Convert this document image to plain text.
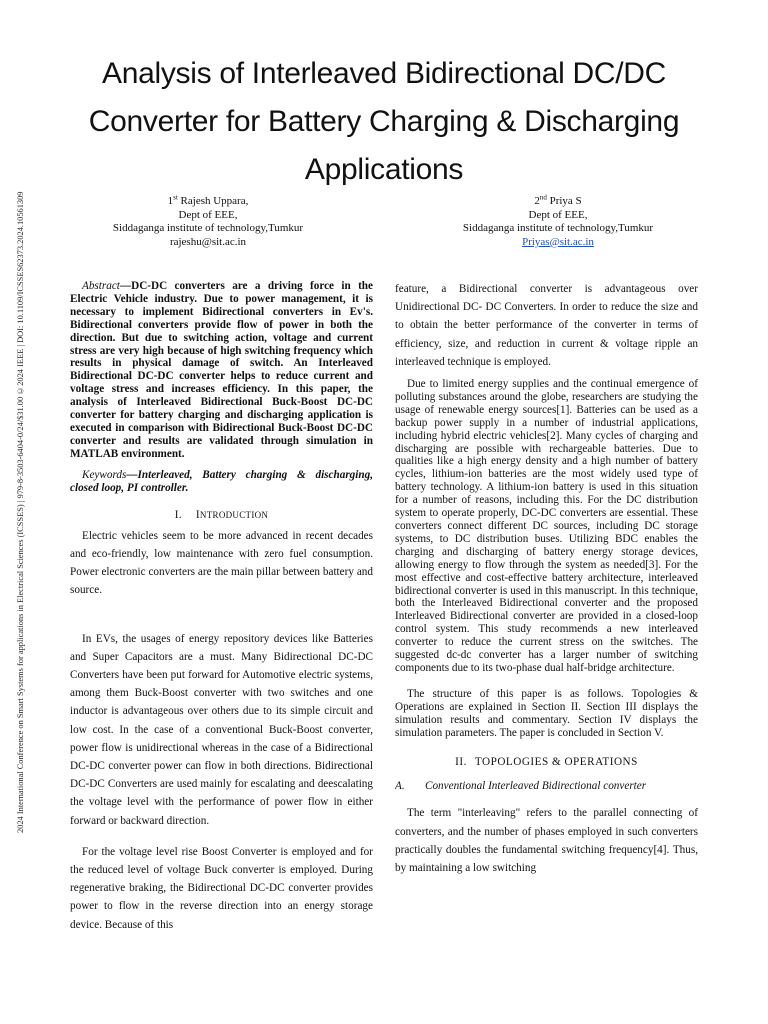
2024 International Conference on Smart Systems for applications in Electrical Sciences (ICSSES) | 979-8-3503-6404-0/24/$31.00 ©2024 IEEE | DOI: 10.1109/ICSSES62373.2024.10561309
Analysis of Interleaved Bidirectional DC/DC Converter for Battery Charging & Discharging Applications
1st Rajesh Uppara,
Dept of EEE,
Siddaganga institute of technology,Tumkur
rajeshu@sit.ac.in
2nd Priya S
Dept of EEE,
Siddaganga institute of technology,Tumkur
Priyas@sit.ac.in

Abstract—DC-DC converters are a driving force in the Electric Vehicle industry. Due to power management, it is necessary to implement Bidirectional converters in Ev's. Bidirectional converters provide flow of power in both the direction. But due to switching action, voltage and current stress are very high because of high switching frequency which results in physical damage of switch. An Interleaved Bidirectional DC-DC converter helps to reduce current and voltage stress and increases efficiency. In this paper, the analysis of Interleaved Bidirectional Buck-Boost DC-DC converter for battery charging and discharging application is executed in comparison with Bidirectional Buck-Boost DC-DC converter and results are validated through simulation in MATLAB environment.

Keywords—Interleaved, Battery charging & discharging, closed loop, PI controller.

I. INTRODUCTION

Electric vehicles seem to be more advanced in recent decades and eco-friendly, low maintenance with zero fuel consumption. Power electronic converters are the main pillar between battery and source.

In EVs, the usages of energy repository devices like Batteries and Super Capacitors are a must. Many Bidirectional DC-DC Converters have been put forward for Automotive electric systems, among them Buck-Boost converter with two switches and one inductor is advantageous over others due to its simple circuit and low cost. In the case of a conventional Buck-Boost converter, power flow is unidirectional whereas in the case of a Bidirectional DC-DC converter power can flow in both directions. Bidirectional DC-DC Converters are used mainly for escalating and deescalating the voltage level with the performance of power flow in either forward or backward direction.

For the voltage level rise Boost Converter is employed and for the reduced level of voltage Buck converter is employed. During regenerative braking, the Bidirectional DC-DC converter provides power to flow in the reverse direction into an energy storage device. Because of this

feature, a Bidirectional converter is advantageous over Unidirectional DC- DC Converters. In order to reduce the size and to obtain the better performance of the converter in terms of efficiency, size, and reduction in current & voltage ripple an interleaved technique is employed.

Due to limited energy supplies and the continual emergence of polluting substances around the globe, researchers are studying the usage of renewable energy sources[1]. Batteries can be used as a backup power supply in a number of industrial applications, including hybrid electric vehicles[2]. Many cycles of charging and discharging are possible with rechargeable batteries. Due to qualities like a high energy density and a high number of battery cycles, lithium-ion batteries are the most widely used type of battery technology. A lithium-ion battery is used in this situation for a number of reasons, including this. For the DC distribution system to operate properly, DC-DC converters are essential. These converters connect different DC sources, including DC storage systems, to DC distribution buses. Utilizing BDC enables the charging and discharging of battery energy storage devices, allowing energy to flow through the system as needed[3]. For the most effective and cost-effective battery architecture, interleaved bidirectional converter is used in this manuscript. In this technique, both the Interleaved Bidirectional converter and the proposed Interleaved Bidirectional converter are provided in a closed-loop control system. This study recommends a new interleaved converter to reduce the current stress on the switches. The suggested dc-dc converter has a larger number of switching components due to its two-phase dual half-bridge architecture.

The structure of this paper is as follows. Topologies & Operations are explained in Section II. Section III displays the simulation results and commentary. Section IV displays the simulation parameters. The paper is concluded in Section V.

II. TOPOLOGIES & OPERATIONS
A. Conventional Interleaved Bidirectional converter

The term "interleaving" refers to the parallel connecting of converters, and the number of phases employed in such converters practically doubles the fundamental switching frequency[4]. Thus, by maintaining a low switching
